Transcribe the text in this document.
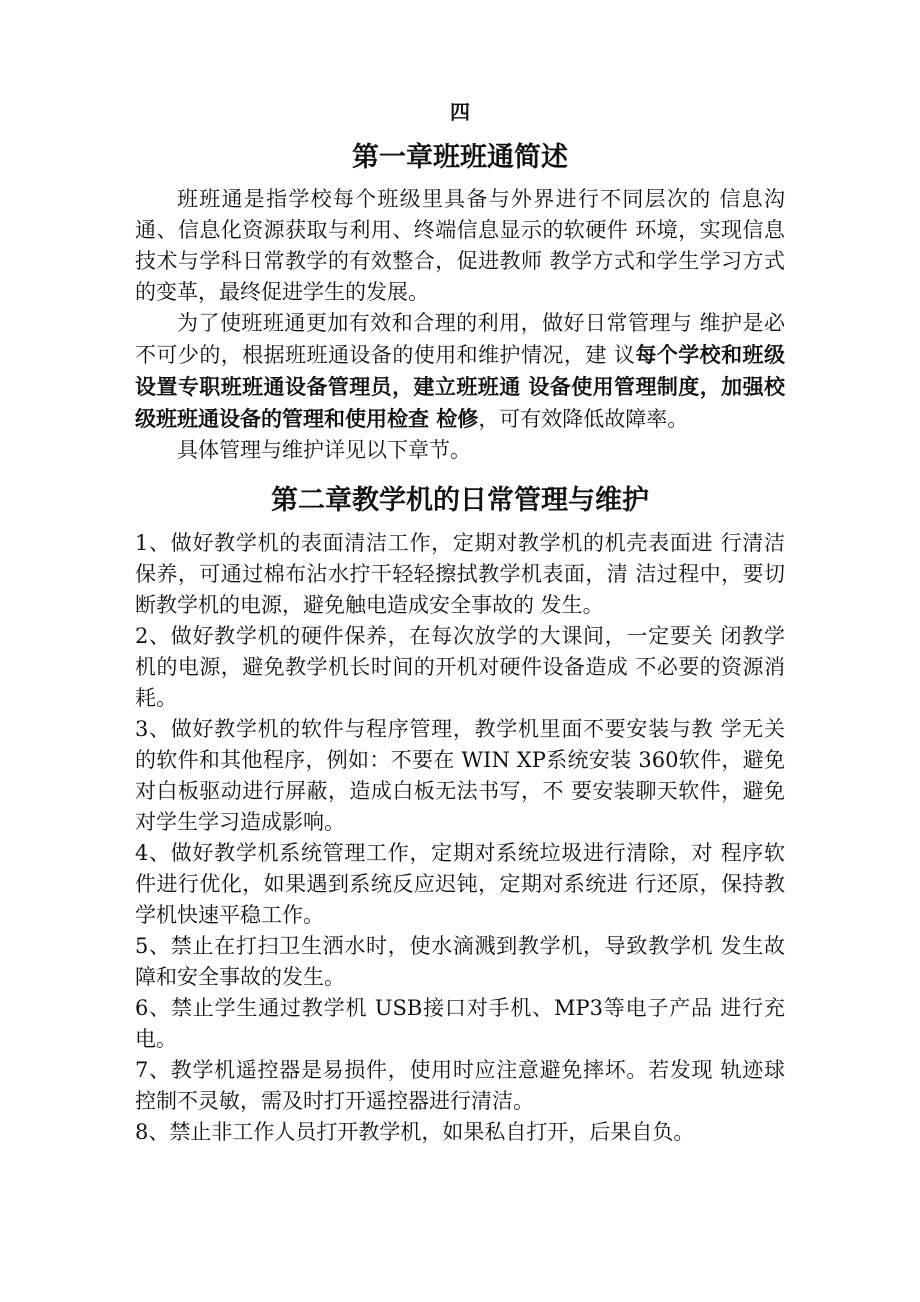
四
第一章班班通简述

班班通是指学校每个班级里具备与外界进行不同层次的 信息沟通、信息化资源获取与利用、终端信息显示的软硬件 环境，实现信息技术与学科日常教学的有效整合，促进教师 教学方式和学生学习方式的变革，最终促进学生的发展。

为了使班班通更加有效和合理的利用，做好日常管理与 维护是必不可少的，根据班班通设备的使用和维护情况，建 议每个学校和班级设置专职班班通设备管理员，建立班班通 设备使用管理制度，加强校级班班通设备的管理和使用检查 检修，可有效降低故障率。

具体管理与维护详见以下章节。

第二章教学机的日常管理与维护

1、做好教学机的表面清洁工作，定期对教学机的机壳表面进 行清洁保养，可通过棉布沾水拧干轻轻擦拭教学机表面，清 洁过程中，要切断教学机的电源，避免触电造成安全事故的 发生。

2、做好教学机的硬件保养，在每次放学的大课间，一定要关 闭教学机的电源，避免教学机长时间的开机对硬件设备造成 不必要的资源消耗。

3、做好教学机的软件与程序管理，教学机里面不要安装与教 学无关的软件和其他程序，例如：不要在 WIN XP系统安装 360软件，避免对白板驱动进行屏蔽，造成白板无法书写，不 要安装聊天软件，避免对学生学习造成影响。

4、做好教学机系统管理工作，定期对系统垃圾进行清除，对 程序软件进行优化，如果遇到系统反应迟钝，定期对系统进 行还原，保持教学机快速平稳工作。

5、禁止在打扫卫生洒水时，使水滴溅到教学机，导致教学机 发生故障和安全事故的发生。

6、禁止学生通过教学机 USB接口对手机、MP3等电子产品 进行充电。

7、教学机遥控器是易损件，使用时应注意避免摔坏。若发现 轨迹球控制不灵敏，需及时打开遥控器进行清洁。

8、禁止非工作人员打开教学机，如果私自打开，后果自负。
